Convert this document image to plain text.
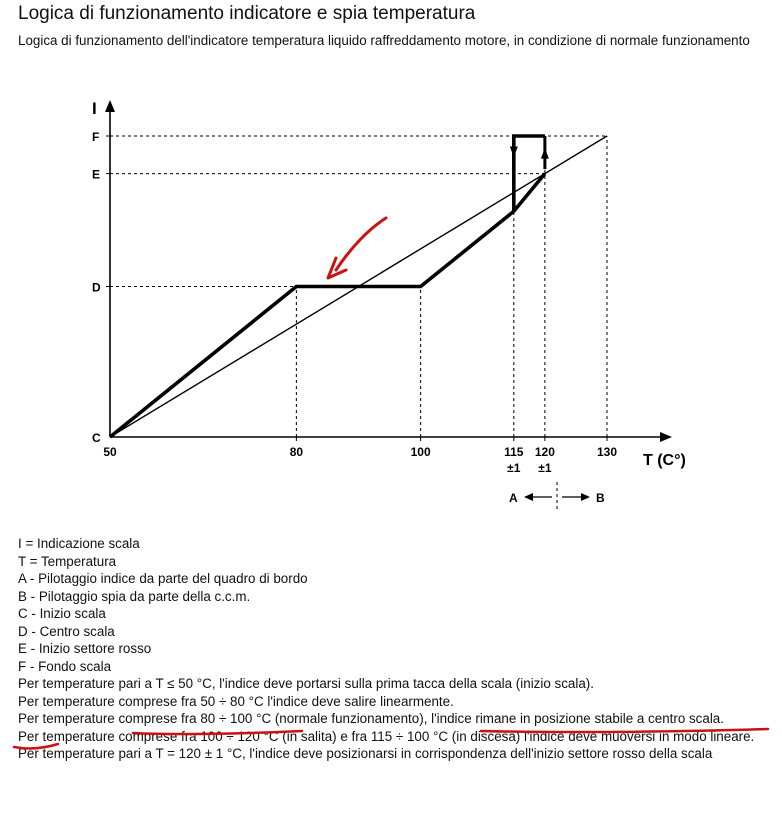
Logica di funzionamento indicatore e spia temperatura

Logica di funzionamento dell'indicatore temperatura liquido raffreddamento motore, in condizione di normale funzionamento

I
T (C°)
C
D
E
F
50	80	100	115
±1
120
±1
130
A	B
I = Indicazione scala
T = Temperatura
A - Pilotaggio indice da parte del quadro di bordo
B - Pilotaggio spia da parte della c.c.m.
C - Inizio scala
D - Centro scala
E - Inizio settore rosso
F - Fondo scala
Per temperature pari a T ≤ 50 °C, l'indice deve portarsi sulla prima tacca della scala (inizio scala).
Per temperature comprese fra 50 ÷ 80 °C l'indice deve salire linearmente.
Per temperature comprese fra 80 ÷ 100 °C (normale funzionamento), l'indice rimane in posizione stabile a centro scala.
Per temperature comprese fra 100 ÷ 120 °C (in salita) e fra 115 ÷ 100 °C (in discesa) l'indice deve muoversi in modo lineare.
Per temperature pari a T = 120 ± 1 °C, l'indice deve posizionarsi in corrispondenza dell'inizio settore rosso della scala
